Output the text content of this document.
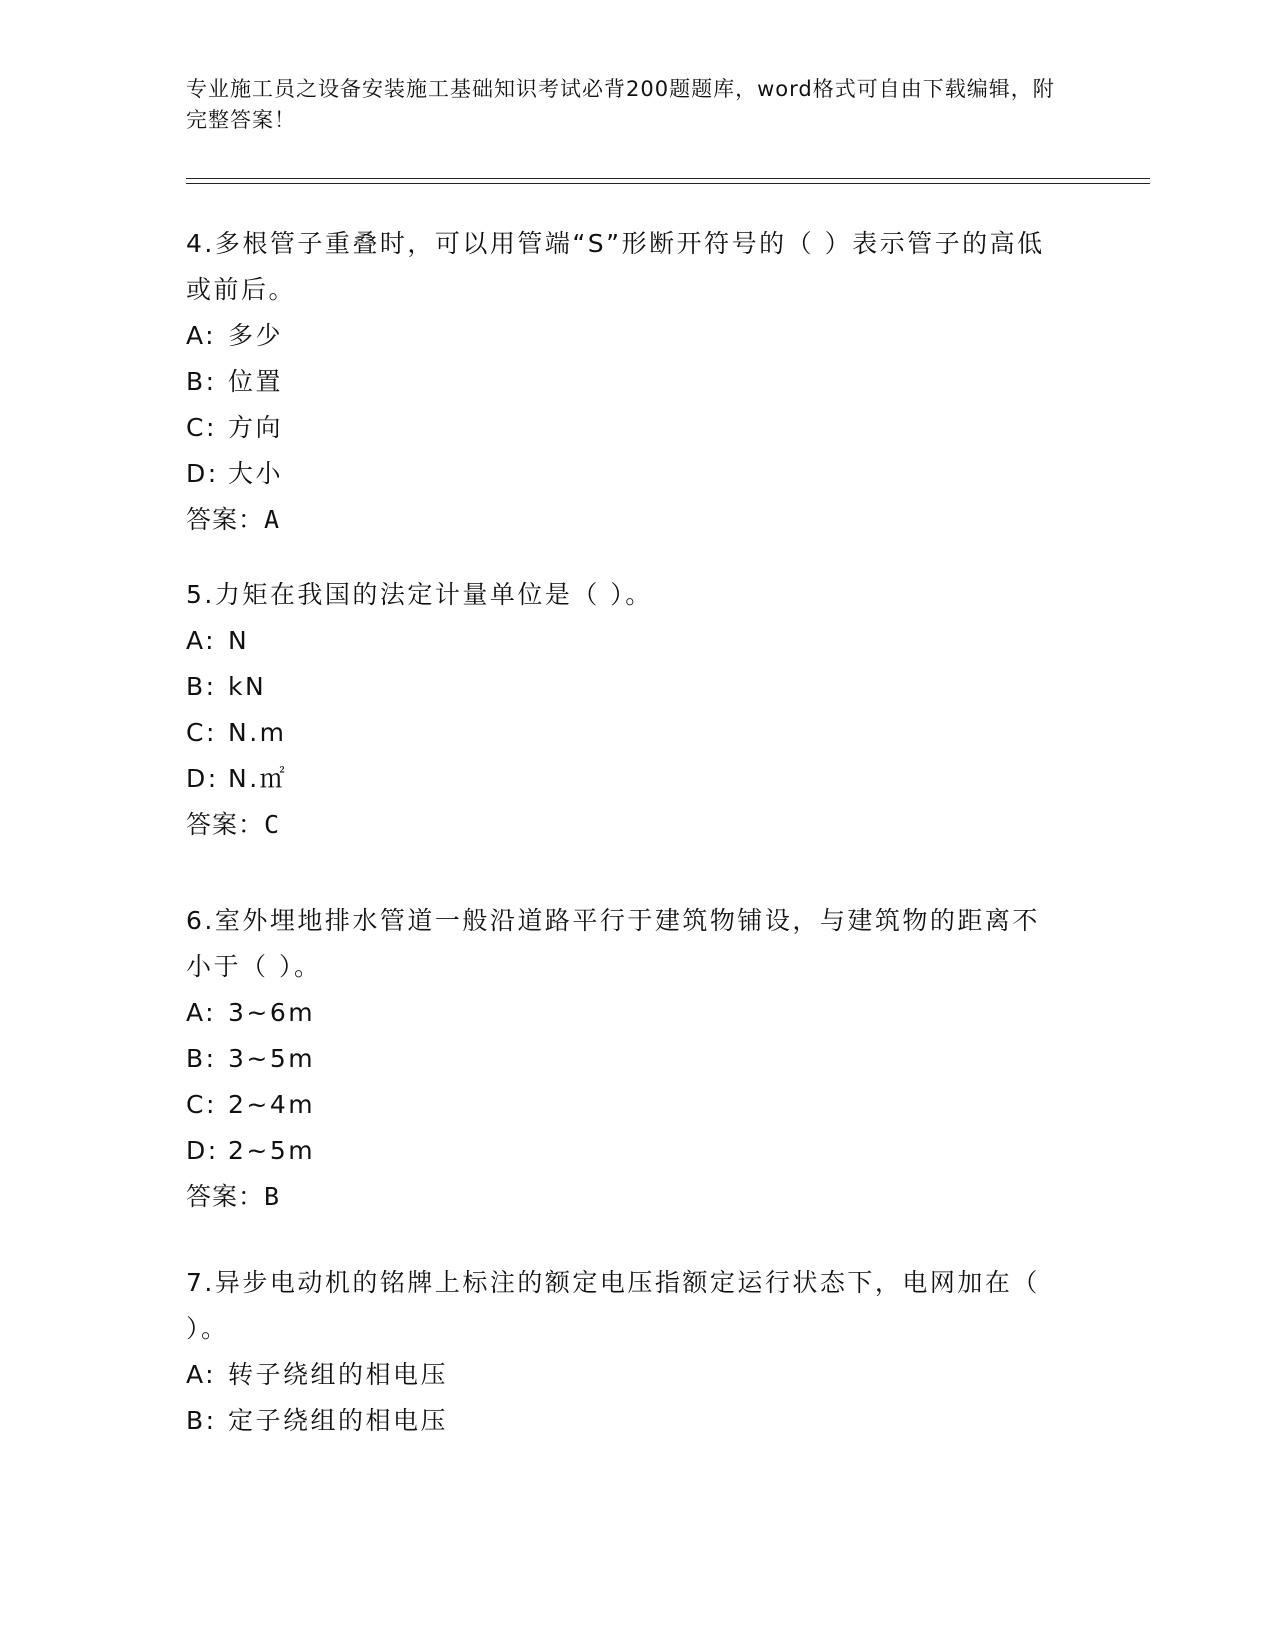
专业施工员之设备安装施工基础知识考试必背200题题库，word格式可自由下载编辑，附完整答案！
4.多根管子重叠时，可以用管端“S”形断开符号的（ ）表示管子的高低或前后。
A: 多少
B: 位置
C: 方向
D: 大小
答案：A
5.力矩在我国的法定计量单位是（ ）。
A: N
B: kN
C: N.m
D: N.㎡
答案：C
6.室外埋地排水管道一般沿道路平行于建筑物铺设，与建筑物的距离不小于（ ）。
A: 3~6m
B: 3~5m
C: 2~4m
D: 2~5m
答案：B
7.异步电动机的铭牌上标注的额定电压指额定运行状态下，电网加在（ ）。
A: 转子绕组的相电压
B: 定子绕组的相电压
